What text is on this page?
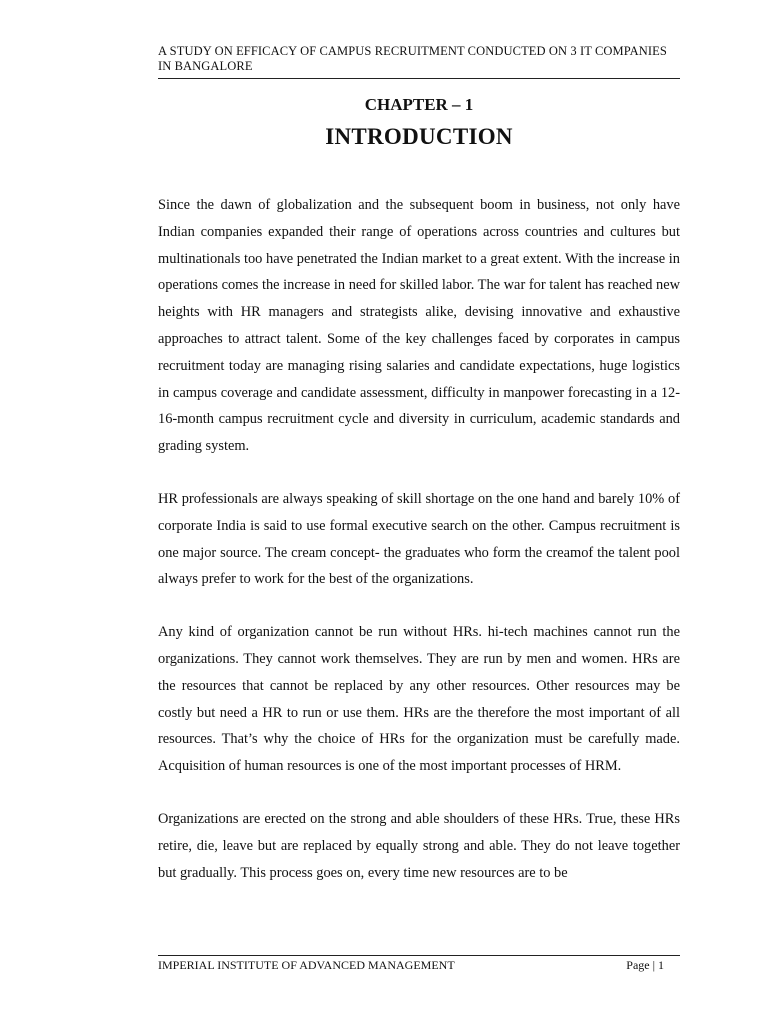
A STUDY ON EFFICACY OF CAMPUS RECRUITMENT CONDUCTED ON 3 IT COMPANIES IN BANGALORE
CHAPTER – 1
INTRODUCTION

Since the dawn of globalization and the subsequent boom in business, not only have Indian companies expanded their range of operations across countries and cultures but multinationals too have penetrated the Indian market to a great extent. With the increase in operations comes the increase in need for skilled labor. The war for talent has reached new heights with HR managers and strategists alike, devising innovative and exhaustive approaches to attract talent. Some of the key challenges faced by corporates in campus recruitment today are managing rising salaries and candidate expectations, huge logistics in campus coverage and candidate assessment, difficulty in manpower forecasting in a 12-16-month campus recruitment cycle and diversity in curriculum, academic standards and grading system.

HR professionals are always speaking of skill shortage on the one hand and barely 10% of corporate India is said to use formal executive search on the other. Campus recruitment is one major source. The cream concept- the graduates who form the creamof the talent pool always prefer to work for the best of the organizations.

Any kind of organization cannot be run without HRs. hi-tech machines cannot run the organizations. They cannot work themselves. They are run by men and women. HRs are the resources that cannot be replaced by any other resources. Other resources may be costly but need a HR to run or use them. HRs are the therefore the most important of all resources. That’s why the choice of HRs for the organization must be carefully made. Acquisition of human resources is one of the most important processes of HRM.

Organizations are erected on the strong and able shoulders of these HRs. True, these HRs retire, die, leave but are replaced by equally strong and able. They do not leave together but gradually. This process goes on, every time new resources are to be

IMPERIAL INSTITUTE OF ADVANCED MANAGEMENT	Page | 1
